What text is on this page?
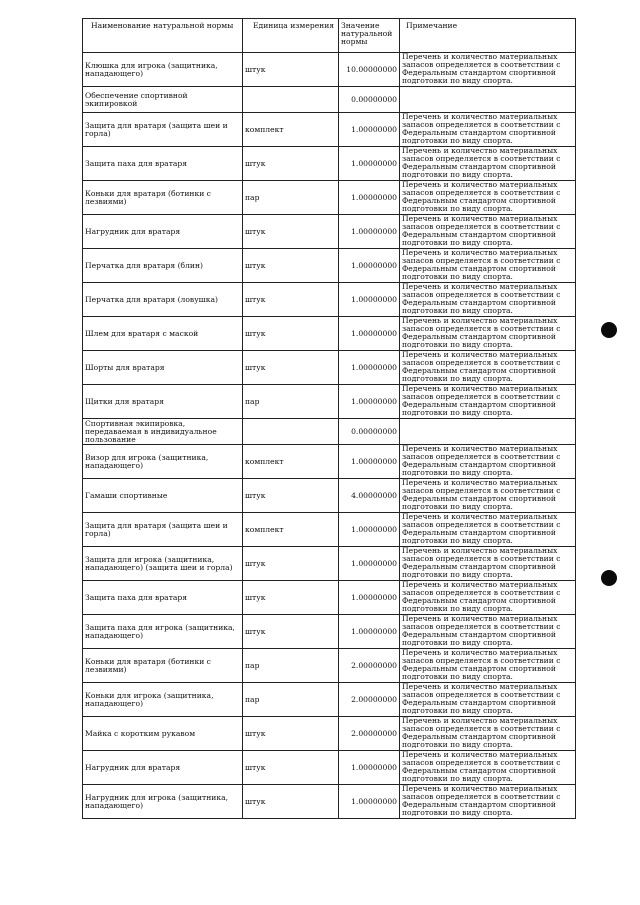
Наименование натуральной нормы	Единица измерения	Значение натуральной нормы	Примечание
Клюшка для игрока (защитника, нападающего)	штук	10.00000000	Перечень и количество материальных запасов определяется в соответствии с Федеральным стандартом спортивной подготовки по виду спорта.
Обеспечение спортивной экипировкой		0.00000000	
Защита для вратаря (защита шеи и горла)	комплект	1.00000000	Перечень и количество материальных запасов определяется в соответствии с Федеральным стандартом спортивной подготовки по виду спорта.
Защита паха для вратаря	штук	1.00000000	Перечень и количество материальных запасов определяется в соответствии с Федеральным стандартом спортивной подготовки по виду спорта.
Коньки для вратаря (ботинки с лезвиями)	пар	1.00000000	Перечень и количество материальных запасов определяется в соответствии с Федеральным стандартом спортивной подготовки по виду спорта.
Нагрудник для вратаря	штук	1.00000000	Перечень и количество материальных запасов определяется в соответствии с Федеральным стандартом спортивной подготовки по виду спорта.
Перчатка для вратаря (блин)	штук	1.00000000	Перечень и количество материальных запасов определяется в соответствии с Федеральным стандартом спортивной подготовки по виду спорта.
Перчатка для вратаря (ловушка)	штук	1.00000000	Перечень и количество материальных запасов определяется в соответствии с Федеральным стандартом спортивной подготовки по виду спорта.
Шлем для вратаря с маской	штук	1.00000000	Перечень и количество материальных запасов определяется в соответствии с Федеральным стандартом спортивной подготовки по виду спорта.
Шорты для вратаря	штук	1.00000000	Перечень и количество материальных запасов определяется в соответствии с Федеральным стандартом спортивной подготовки по виду спорта.
Щитки для вратаря	пар	1.00000000	Перечень и количество материальных запасов определяется в соответствии с Федеральным стандартом спортивной подготовки по виду спорта.
Спортивная экипировка, передаваемая в индивидуальное пользование		0.00000000	
Визор для игрока (защитника, нападающего)	комплект	1.00000000	Перечень и количество материальных запасов определяется в соответствии с Федеральным стандартом спортивной подготовки по виду спорта.
Гамаши спортивные	штук	4.00000000	Перечень и количество материальных запасов определяется в соответствии с Федеральным стандартом спортивной подготовки по виду спорта.
Защита для вратаря (защита шеи и горла)	комплект	1.00000000	Перечень и количество материальных запасов определяется в соответствии с Федеральным стандартом спортивной подготовки по виду спорта.
Защита для игрока (защитника, нападающего) (защита шеи и горла)	штук	1.00000000	Перечень и количество материальных запасов определяется в соответствии с Федеральным стандартом спортивной подготовки по виду спорта.
Защита паха для вратаря	штук	1.00000000	Перечень и количество материальных запасов определяется в соответствии с Федеральным стандартом спортивной подготовки по виду спорта.
Защита паха для игрока (защитника, нападающего)	штук	1.00000000	Перечень и количество материальных запасов определяется в соответствии с Федеральным стандартом спортивной подготовки по виду спорта.
Коньки для вратаря (ботинки с лезвиями)	пар	2.00000000	Перечень и количество материальных запасов определяется в соответствии с Федеральным стандартом спортивной подготовки по виду спорта.
Коньки для игрока (защитника, нападающего)	пар	2.00000000	Перечень и количество материальных запасов определяется в соответствии с Федеральным стандартом спортивной подготовки по виду спорта.
Майка с коротким рукавом	штук	2.00000000	Перечень и количество материальных запасов определяется в соответствии с Федеральным стандартом спортивной подготовки по виду спорта.
Нагрудник для вратаря	штук	1.00000000	Перечень и количество материальных запасов определяется в соответствии с Федеральным стандартом спортивной подготовки по виду спорта.
Нагрудник для игрока (защитника, нападающего)	штук	1.00000000	Перечень и количество материальных запасов определяется в соответствии с Федеральным стандартом спортивной подготовки по виду спорта.
